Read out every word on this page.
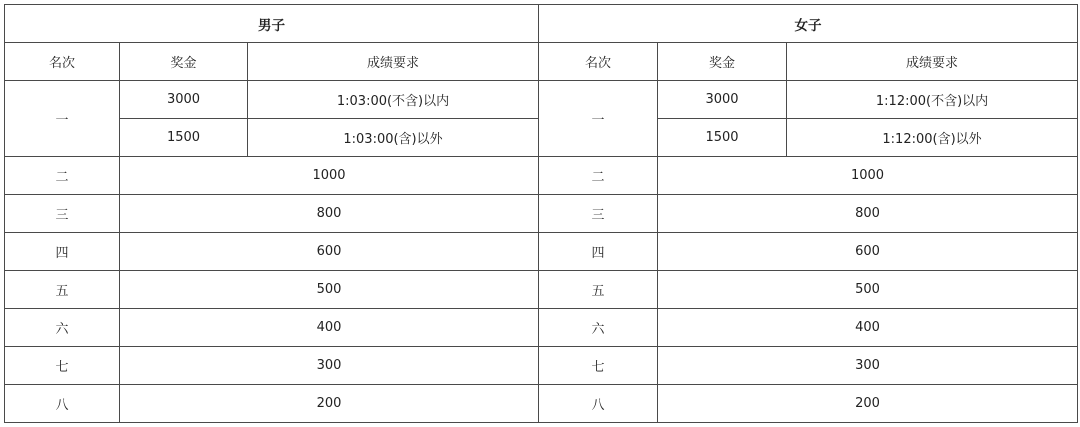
男子			女子		
名次	奖金	成绩要求	名次	奖金	成绩要求
一	3000	1:03:00(不含)以内	一	3000	1:12:00(不含)以内
	1500	1:03:00(含)以外		1500	1:12:00(含)以外
二	1000		二	1000	
三	800		三	800	
四	600		四	600	
五	500		五	500	
六	400		六	400	
七	300		七	300	
八	200		八	200	
